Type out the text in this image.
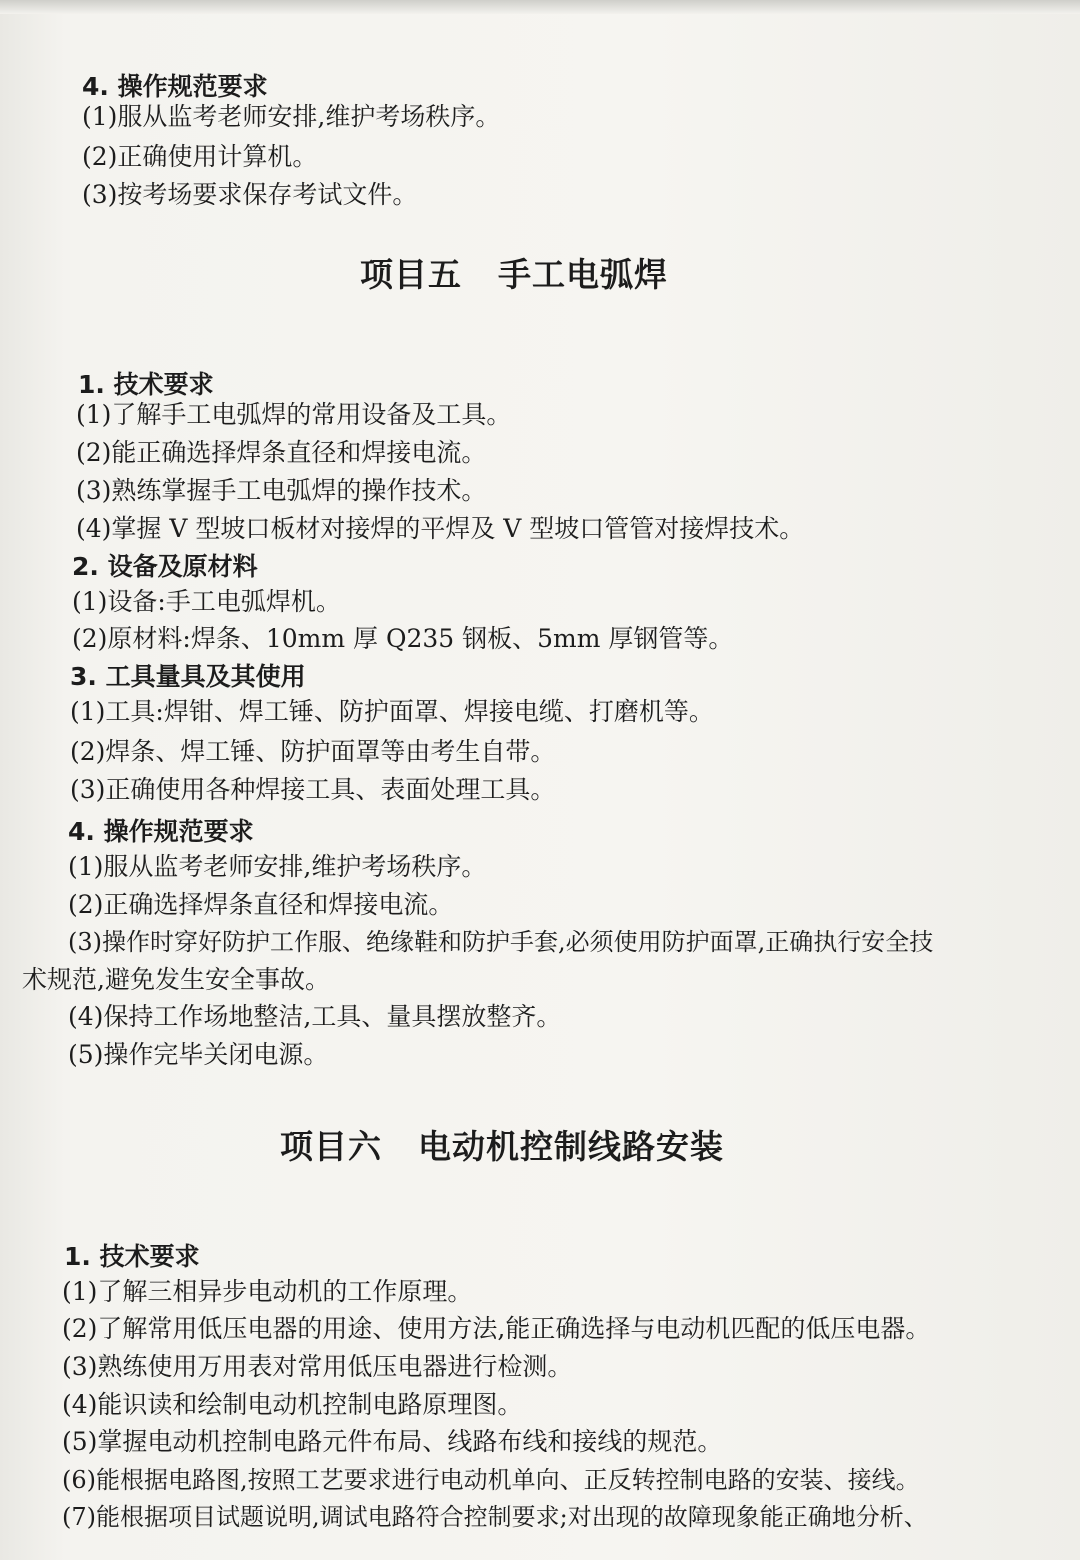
4. 操作规范要求
(1)服从监考老师安排,维护考场秩序。
(2)正确使用计算机。
(3)按考场要求保存考试文件。
项目五 手工电弧焊
1. 技术要求
(1)了解手工电弧焊的常用设备及工具。
(2)能正确选择焊条直径和焊接电流。
(3)熟练掌握手工电弧焊的操作技术。
(4)掌握 V 型坡口板材对接焊的平焊及 V 型坡口管管对接焊技术。
2. 设备及原材料
(1)设备:手工电弧焊机。
(2)原材料:焊条、10mm 厚 Q235 钢板、5mm 厚钢管等。
3. 工具量具及其使用
(1)工具:焊钳、焊工锤、防护面罩、焊接电缆、打磨机等。
(2)焊条、焊工锤、防护面罩等由考生自带。
(3)正确使用各种焊接工具、表面处理工具。
4. 操作规范要求
(1)服从监考老师安排,维护考场秩序。
(2)正确选择焊条直径和焊接电流。
(3)操作时穿好防护工作服、绝缘鞋和防护手套,必须使用防护面罩,正确执行安全技
术规范,避免发生安全事故。
(4)保持工作场地整洁,工具、量具摆放整齐。
(5)操作完毕关闭电源。
项目六 电动机控制线路安装
1. 技术要求
(1)了解三相异步电动机的工作原理。
(2)了解常用低压电器的用途、使用方法,能正确选择与电动机匹配的低压电器。
(3)熟练使用万用表对常用低压电器进行检测。
(4)能识读和绘制电动机控制电路原理图。
(5)掌握电动机控制电路元件布局、线路布线和接线的规范。
(6)能根据电路图,按照工艺要求进行电动机单向、正反转控制电路的安装、接线。
(7)能根据项目试题说明,调试电路符合控制要求;对出现的故障现象能正确地分析、
